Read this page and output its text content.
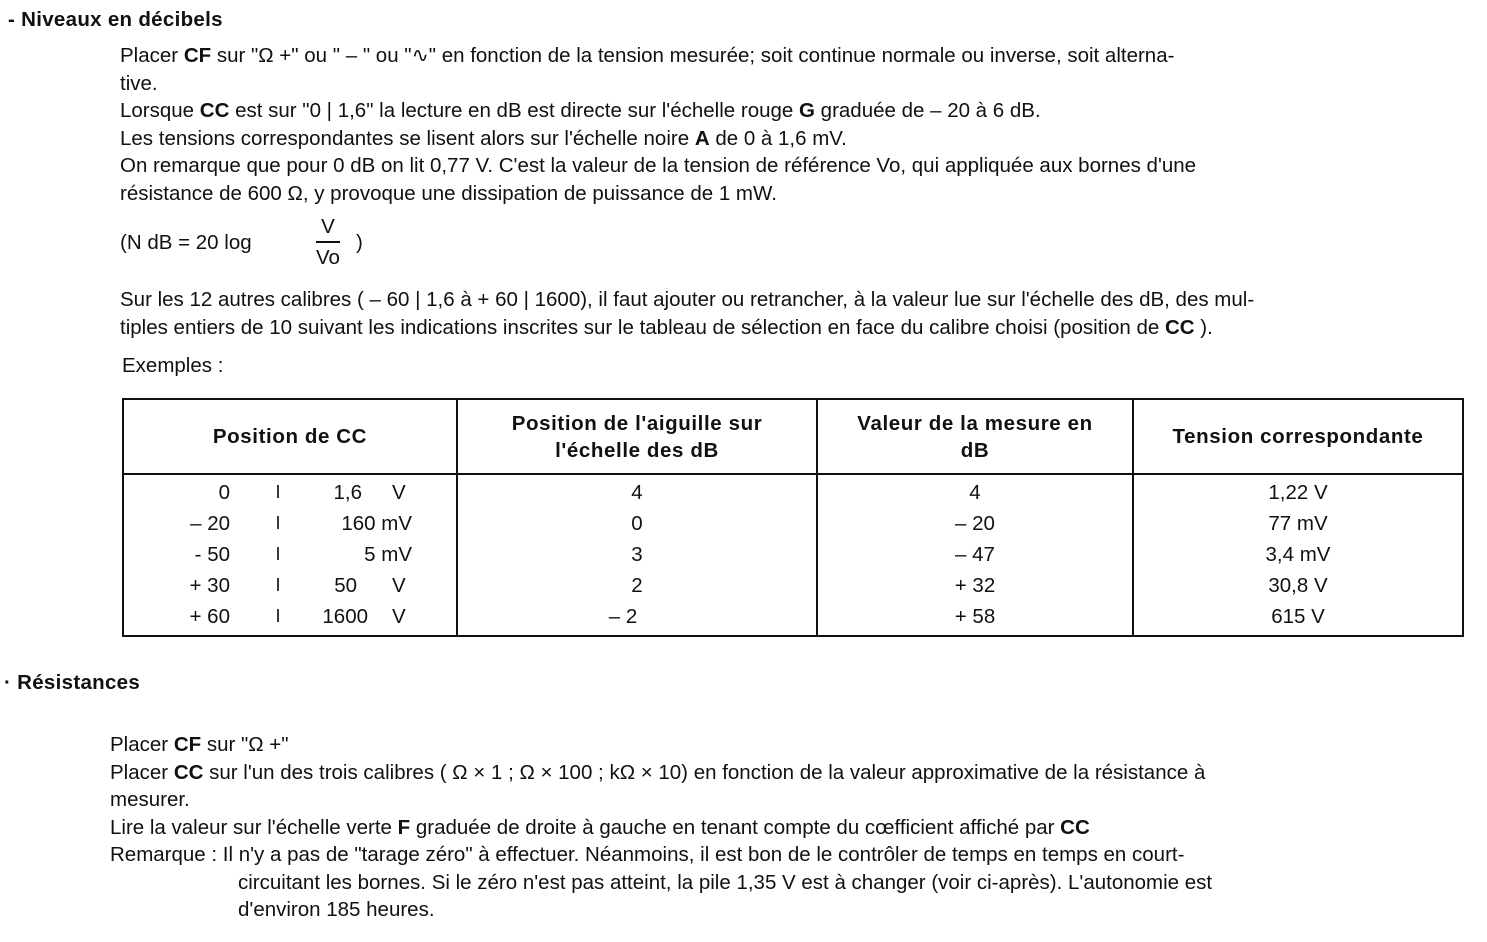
- Niveaux en décibels
Placer CF sur "Ω +" ou " – " ou "∿" en fonction de la tension mesurée; soit continue normale ou inverse, soit alterna-
tive.
Lorsque CC est sur "0 | 1,6" la lecture en dB est directe sur l'échelle rouge G graduée de – 20 à 6 dB.
Les tensions correspondantes se lisent alors sur l'échelle noire A de 0 à 1,6 mV.
On remarque que pour 0 dB on lit 0,77 V. C'est la valeur de la tension de référence Vo, qui appliquée aux bornes d'une
résistance de 600 Ω, y provoque une dissipation de puissance de 1 mW.
(N dB = 20 log
V
Vo
)
Sur les 12 autres calibres ( – 60 | 1,6 à + 60 | 1600), il faut ajouter ou retrancher, à la valeur lue sur l'échelle des dB, des mul-
tiples entiers de 10 suivant les indications inscrites sur le tableau de sélection en face du calibre choisi (position de CC ).
Exemples :
Position de CC	Position de l'aiguille sur l'échelle des dB	Valeur de la mesure en dB	Tension correspondante

0 I 1,6 V	4	4	1,22 V

– 20 I 160 mV	0	– 20	77 mV

- 50 I 5 mV	3	– 47	3,4 mV

+ 30 I 50 V	2	+ 32	30,8 V

+ 60 I 1600 V	– 2	+ 58	615 V
· Résistances
Placer CF sur "Ω +"
Placer CC sur l'un des trois calibres ( Ω × 1 ; Ω × 100 ; kΩ × 10) en fonction de la valeur approximative de la résistance à
mesurer.
Lire la valeur sur l'échelle verte F graduée de droite à gauche en tenant compte du cœfficient affiché par CC
Remarque : Il n'y a pas de "tarage zéro" à effectuer. Néanmoins, il est bon de le contrôler de temps en temps en court-
circuitant les bornes. Si le zéro n'est pas atteint, la pile 1,35 V est à changer (voir ci-après). L'autonomie est
d'environ 185 heures.
